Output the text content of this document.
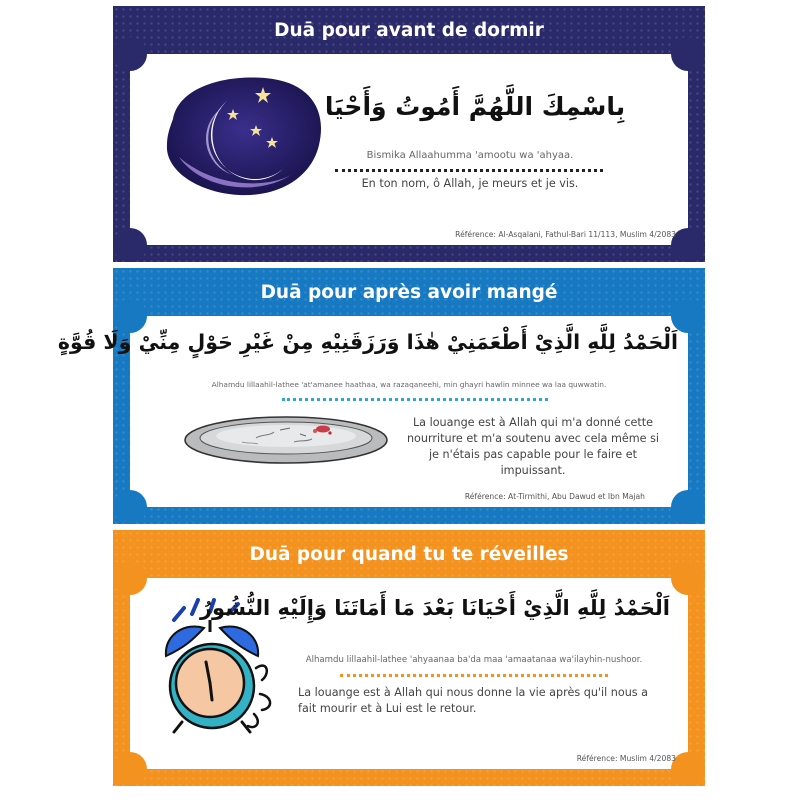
Duā pour avant de dormir
بِاسْمِكَ اللَّهُمَّ أَمُوتُ وَأَحْيَا
Bismika Allaahumma 'amootu wa 'ahyaa.
En ton nom, ô Allah, je meurs et je vis.
Référence: Al-Asqalani, Fathul-Bari 11/113, Muslim 4/2083
Duā pour après avoir mangé
اَلْحَمْدُ لِلَّهِ الَّذِيْ أَطْعَمَنِيْ هٰذَا وَرَزَقَنِيْهِ مِنْ غَيْرِ حَوْلٍ مِنِّيْ وَلَا قُوَّةٍ
Alhamdu lillaahil-lathee 'at'amanee haathaa, wa razaqaneehi, min ghayri hawlin minnee wa laa quwwatin.
La louange est à Allah qui m'a donné cette nourriture et m'a soutenu avec cela même si je n'étais pas capable pour le faire et impuissant.
Référence: At-Tirmithi, Abu Dawud et Ibn Majah
Duā pour quand tu te réveilles
اَلْحَمْدُ لِلَّهِ الَّذِيْ أَحْيَانَا بَعْدَ مَا أَمَاتَنَا وَإِلَيْهِ النُّشُورُ
Alhamdu lillaahil-lathee 'ahyaanaa ba'da maa 'amaatanaa wa'ilayhin-nushoor.
La louange est à Allah qui nous donne la vie après qu'il nous a fait mourir et à Lui est le retour.
Référence: Muslim 4/2083
